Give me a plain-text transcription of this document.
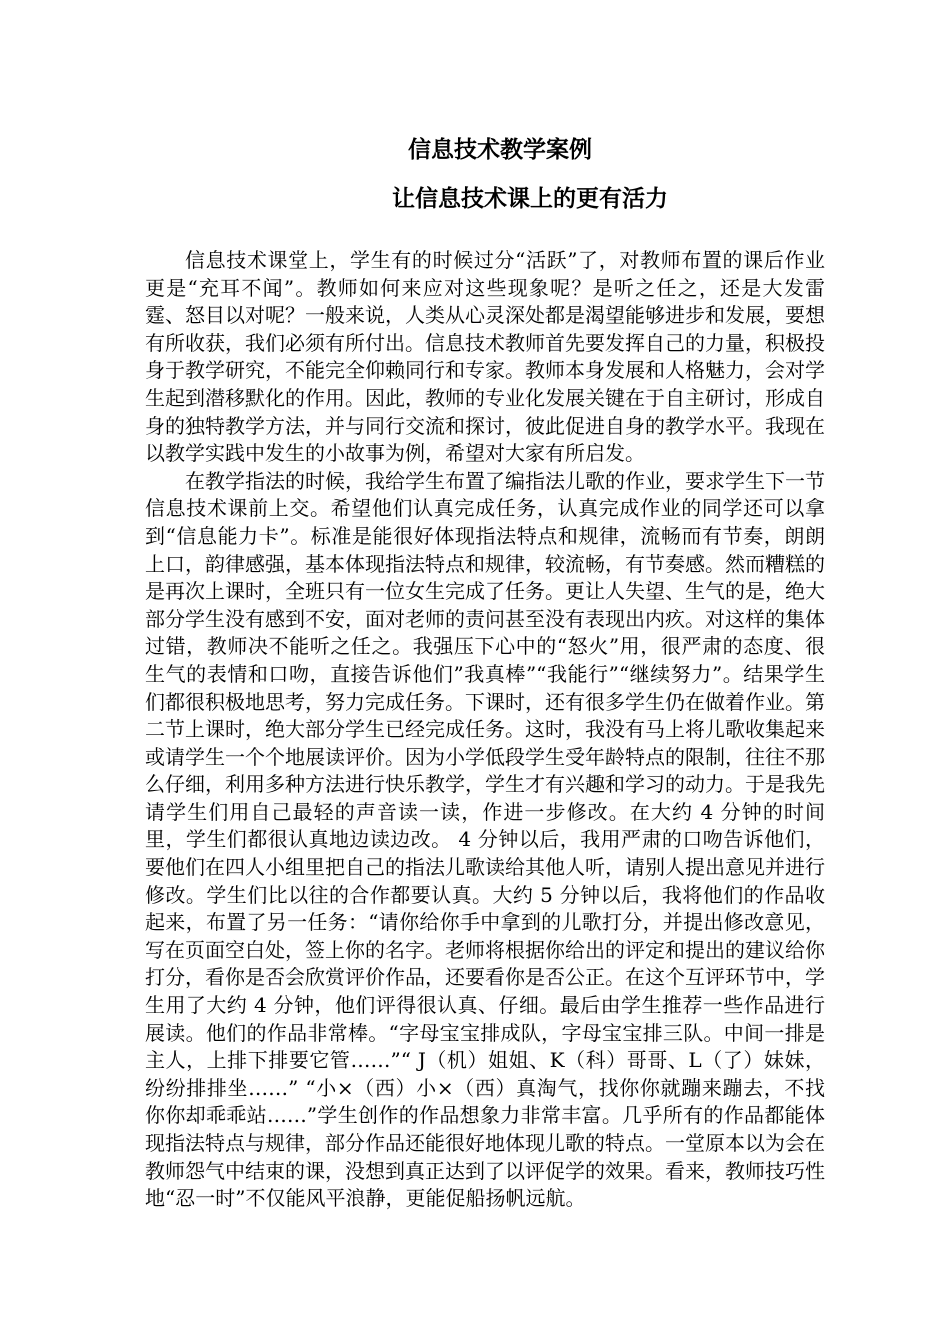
信息技术教学案例
让信息技术课上的更有活力

信息技术课堂上，学生有的时候过分“活跃”了，对教师布置的课后作业更是“充耳不闻”。教师如何来应对这些现象呢？是听之任之，还是大发雷霆、怒目以对呢？一般来说，人类从心灵深处都是渴望能够进步和发展，要想有所收获，我们必须有所付出。信息技术教师首先要发挥自己的力量，积极投身于教学研究，不能完全仰赖同行和专家。教师本身发展和人格魅力，会对学生起到潜移默化的作用。因此，教师的专业化发展关键在于自主研讨，形成自身的独特教学方法，并与同行交流和探讨，彼此促进自身的教学水平。我现在以教学实践中发生的小故事为例，希望对大家有所启发。

在教学指法的时候，我给学生布置了编指法儿歌的作业，要求学生下一节信息技术课前上交。希望他们认真完成任务，认真完成作业的同学还可以拿到“信息能力卡”。标准是能很好体现指法特点和规律，流畅而有节奏，朗朗上口，韵律感强，基本体现指法特点和规律，较流畅，有节奏感。然而糟糕的是再次上课时，全班只有一位女生完成了任务。更让人失望、生气的是，绝大部分学生没有感到不安，面对老师的责问甚至没有表现出内疚。对这样的集体过错，教师决不能听之任之。我强压下心中的“怒火”用，很严肃的态度、很生气的表情和口吻，直接告诉他们”我真棒”“我能行”“继续努力”。结果学生们都很积极地思考，努力完成任务。下课时，还有很多学生仍在做着作业。第二节上课时，绝大部分学生已经完成任务。这时，我没有马上将儿歌收集起来或请学生一个个地展读评价。因为小学低段学生受年龄特点的限制，往往不那么仔细，利用多种方法进行快乐教学，学生才有兴趣和学习的动力。于是我先请学生们用自己最轻的声音读一读，作进一步修改。在大约 4 分钟的时间里，学生们都很认真地边读边改。 4 分钟以后，我用严肃的口吻告诉他们，要他们在四人小组里把自己的指法儿歌读给其他人听，请别人提出意见并进行修改。学生们比以往的合作都要认真。大约 5 分钟以后，我将他们的作品收起来，布置了另一任务：“请你给你手中拿到的儿歌打分，并提出修改意见，写在页面空白处，签上你的名字。老师将根据你给出的评定和提出的建议给你打分，看你是否会欣赏评价作品，还要看你是否公正。在这个互评环节中，学生用了大约 4 分钟，他们评得很认真、仔细。最后由学生推荐一些作品进行展读。他们的作品非常棒。“字母宝宝排成队，字母宝宝排三队。中间一排是主人，上排下排要它管……”“ J（机）姐姐、K（科）哥哥、L（了）妹妹，纷纷排排坐……” “小×（西）小×（西）真淘气，找你你就蹦来蹦去，不找你你却乖乖站……”学生创作的作品想象力非常丰富。几乎所有的作品都能体现指法特点与规律，部分作品还能很好地体现儿歌的特点。一堂原本以为会在教师怨气中结束的课，没想到真正达到了以评促学的效果。看来，教师技巧性地“忍一时”不仅能风平浪静，更能促船扬帆远航。
